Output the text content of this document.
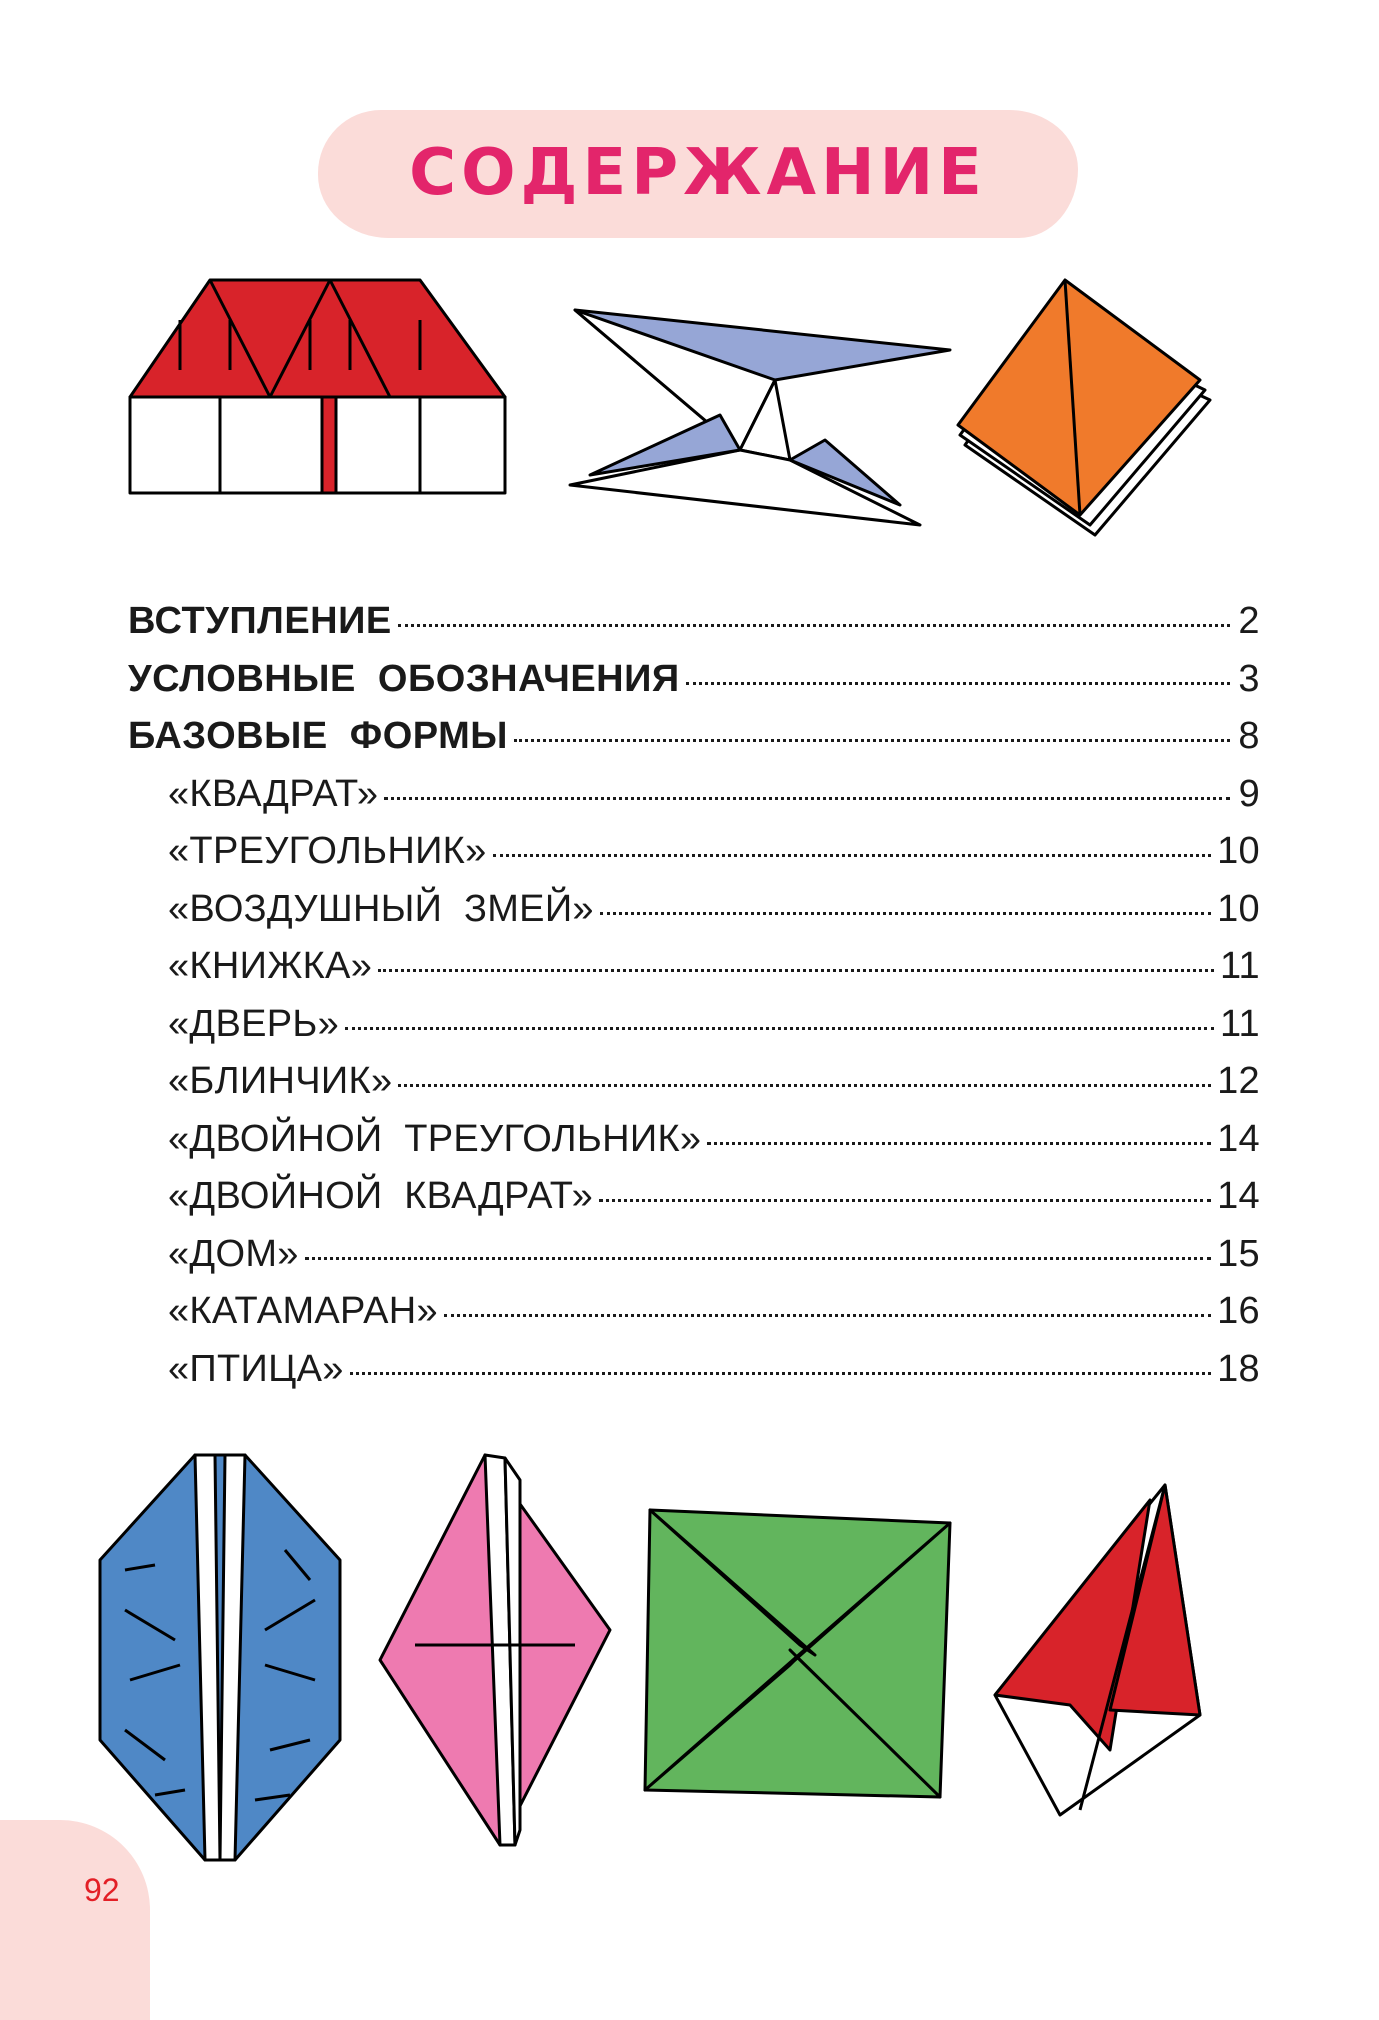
СОДЕРЖАНИЕ
ВСТУПЛЕНИЕ	2
УСЛОВНЫЕ  ОБОЗНАЧЕНИЯ	3
БАЗОВЫЕ  ФОРМЫ	8
«КВАДРАТ»	9
«ТРЕУГОЛЬНИК»	10
«ВОЗДУШНЫЙ  ЗМЕЙ»	10
«КНИЖКА»	11
«ДВЕРЬ»	11
«БЛИНЧИК»	12
«ДВОЙНОЙ  ТРЕУГОЛЬНИК»	14
«ДВОЙНОЙ  КВАДРАТ»	14
«ДОМ»	15
«КАТАМАРАН»	16
«ПТИЦА»	18
92
